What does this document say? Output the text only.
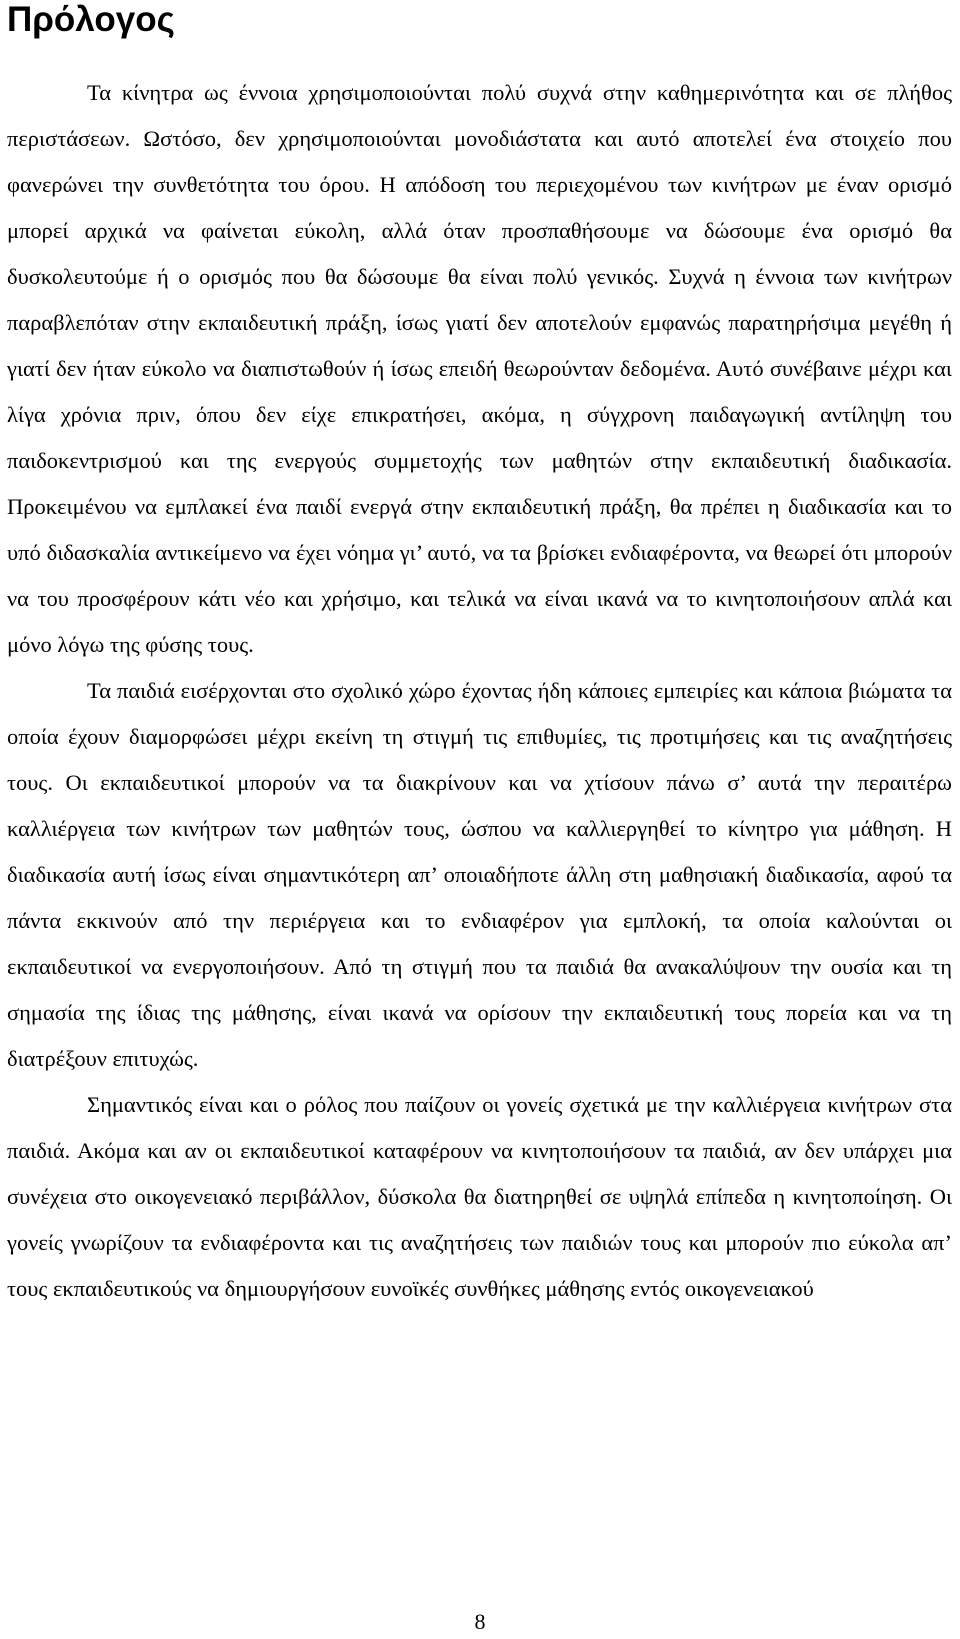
Πρόλογος

Τα κίνητρα ως έννοια χρησιμοποιούνται πολύ συχνά στην καθημερινότητα και σε πλήθος περιστάσεων. Ωστόσο, δεν χρησιμοποιούνται μονοδιάστατα και αυτό αποτελεί ένα στοιχείο που φανερώνει την συνθετότητα του όρου. Η απόδοση του περιεχομένου των κινήτρων με έναν ορισμό μπορεί αρχικά να φαίνεται εύκολη, αλλά όταν προσπαθήσουμε να δώσουμε ένα ορισμό θα δυσκολευτούμε ή ο ορισμός που θα δώσουμε θα είναι πολύ γενικός. Συχνά η έννοια των κινήτρων παραβλεπόταν στην εκπαιδευτική πράξη, ίσως γιατί δεν αποτελούν εμφανώς παρατηρήσιμα μεγέθη ή γιατί δεν ήταν εύκολο να διαπιστωθούν ή ίσως επειδή θεωρούνταν δεδομένα. Αυτό συνέβαινε μέχρι και λίγα χρόνια πριν, όπου δεν είχε επικρατήσει, ακόμα, η σύγχρονη παιδαγωγική αντίληψη του παιδοκεντρισμού και της ενεργούς συμμετοχής των μαθητών στην εκπαιδευτική διαδικασία. Προκειμένου να εμπλακεί ένα παιδί ενεργά στην εκπαιδευτική πράξη, θα πρέπει η διαδικασία και το υπό διδασκαλία αντικείμενο να έχει νόημα γι’ αυτό, να τα βρίσκει ενδιαφέροντα, να θεωρεί ότι μπορούν να του προσφέρουν κάτι νέο και χρήσιμο, και τελικά να είναι ικανά να το κινητοποιήσουν απλά και μόνο λόγω της φύσης τους.

Τα παιδιά εισέρχονται στο σχολικό χώρο έχοντας ήδη κάποιες εμπειρίες και κάποια βιώματα τα οποία έχουν διαμορφώσει μέχρι εκείνη τη στιγμή τις επιθυμίες, τις προτιμήσεις και τις αναζητήσεις τους. Οι εκπαιδευτικοί μπορούν να τα διακρίνουν και να χτίσουν πάνω σ’ αυτά την περαιτέρω καλλιέργεια των κινήτρων των μαθητών τους, ώσπου να καλλιεργηθεί το κίνητρο για μάθηση. Η διαδικασία αυτή ίσως είναι σημαντικότερη απ’ οποιαδήποτε άλλη στη μαθησιακή διαδικασία, αφού τα πάντα εκκινούν από την περιέργεια και το ενδιαφέρον για εμπλοκή, τα οποία καλούνται οι εκπαιδευτικοί να ενεργοποιήσουν. Από τη στιγμή που τα παιδιά θα ανακαλύψουν την ουσία και τη σημασία της ίδιας της μάθησης, είναι ικανά να ορίσουν την εκπαιδευτική τους πορεία και να τη διατρέξουν επιτυχώς.

Σημαντικός είναι και ο ρόλος που παίζουν οι γονείς σχετικά με την καλλιέργεια κινήτρων στα παιδιά. Ακόμα και αν οι εκπαιδευτικοί καταφέρουν να κινητοποιήσουν τα παιδιά, αν δεν υπάρχει μια συνέχεια στο οικογενειακό περιβάλλον, δύσκολα θα διατηρηθεί σε υψηλά επίπεδα η κινητοποίηση. Οι γονείς γνωρίζουν τα ενδιαφέροντα και τις αναζητήσεις των παιδιών τους και μπορούν πιο εύκολα απ’ τους εκπαιδευτικούς να δημιουργήσουν ευνοϊκές συνθήκες μάθησης εντός οικογενειακού

8
